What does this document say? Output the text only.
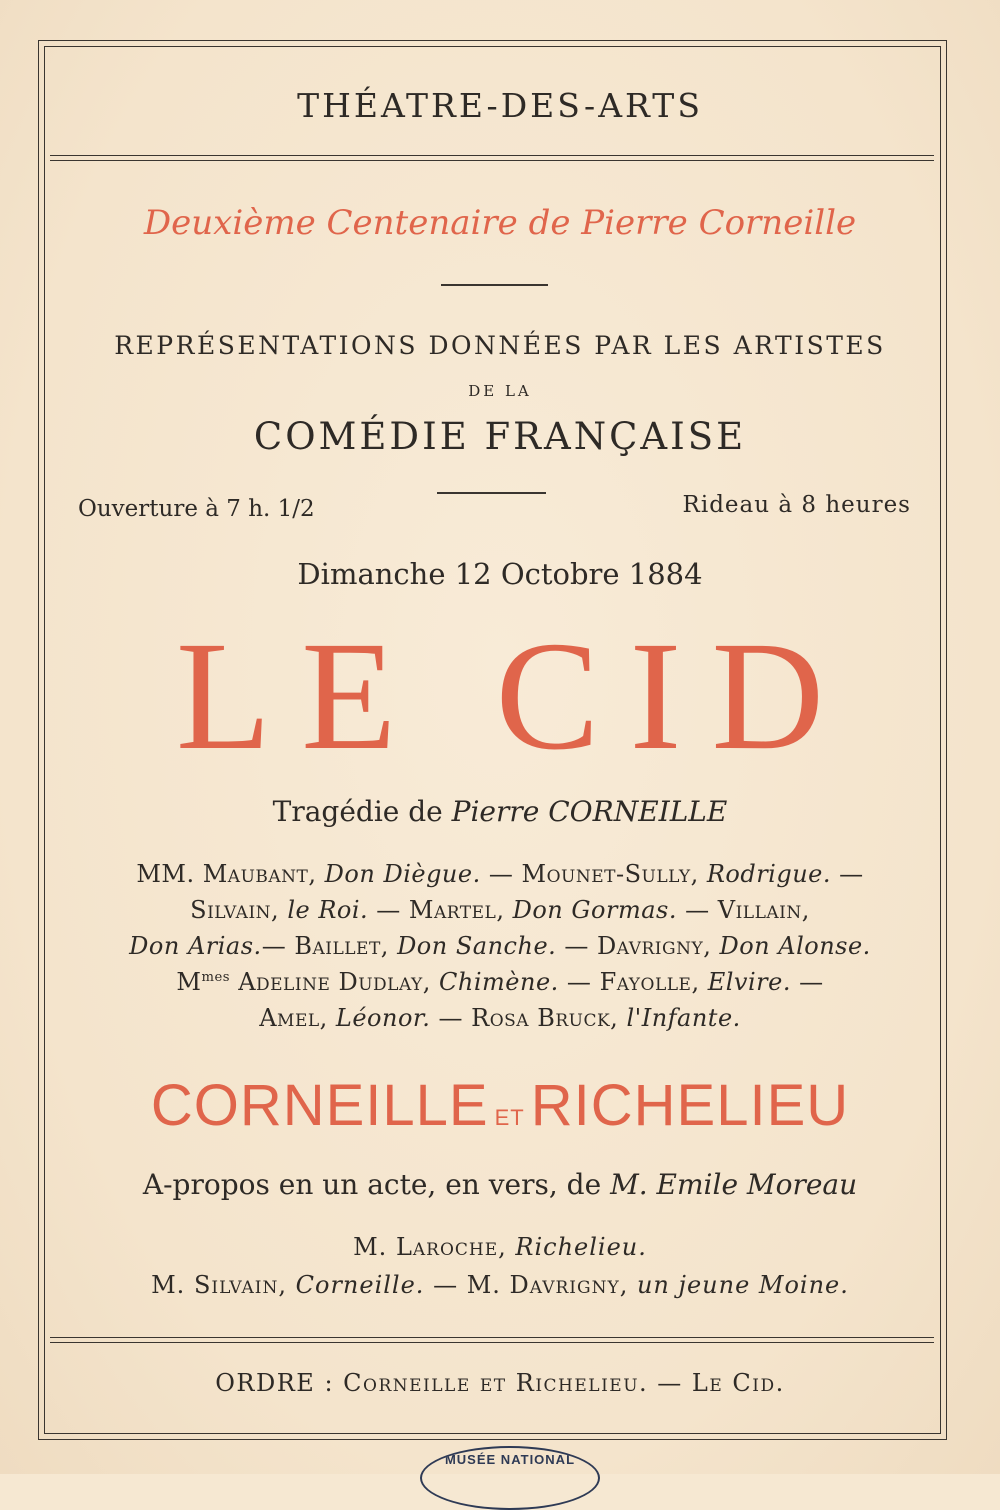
THÉATRE-DES-ARTS
Deuxième Centenaire de Pierre Corneille
REPRÉSENTATIONS DONNÉES PAR LES ARTISTES
DE LA
COMÉDIE FRANÇAISE
Ouverture à 7 h. 1/2	Rideau à 8 heures
Dimanche 12 Octobre 1884
LE CID
Tragédie de Pierre CORNEILLE
MM. Maubant, Don Diègue. — Mounet-Sully, Rodrigue. —
Silvain, le Roi. — Martel, Don Gormas. — Villain,
Don Arias.— Baillet, Don Sanche. — Davrigny, Don Alonse.
$M^{mes}$ Adeline Dudlay, Chimène. — Fayolle, Elvire. —
Amel, Léonor. — Rosa Bruck, l'Infante.
CORNEILLE ET RICHELIEU
A-propos en un acte, en vers, de M. Emile Moreau
M. Laroche, Richelieu.
M. Silvain, Corneille. — M. Davrigny, un jeune Moine.
ORDRE : Corneille et Richelieu. — Le Cid.
MUSÉE NATIONAL
